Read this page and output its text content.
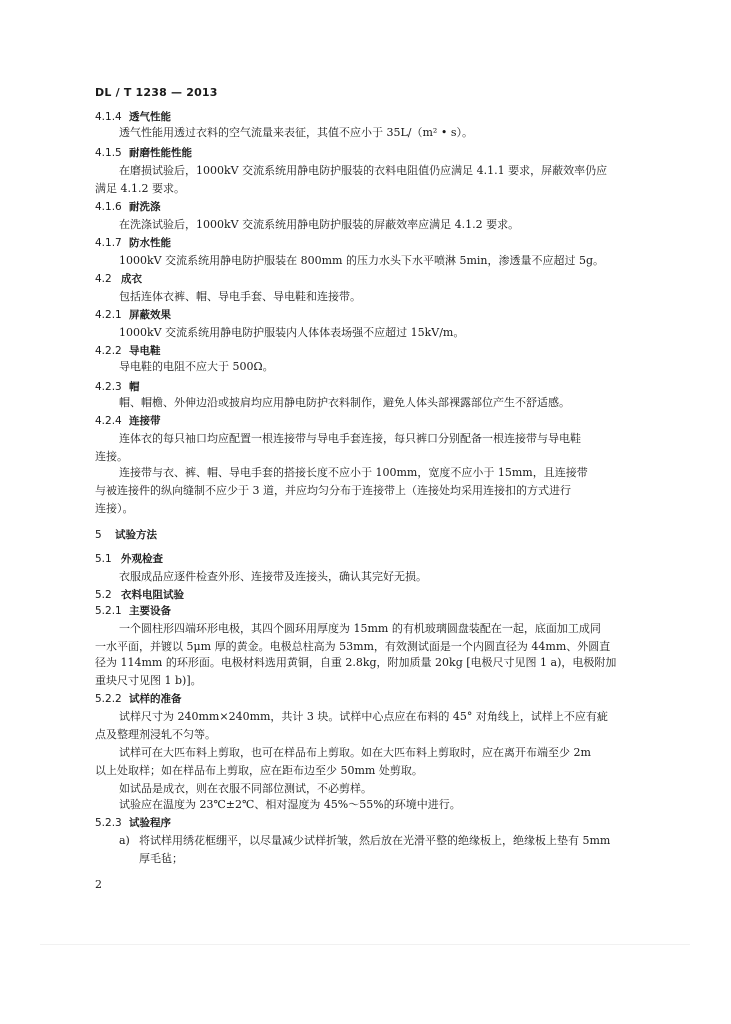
DL / T 1238 — 2013
4.1.4 透气性能
透气性能用透过衣料的空气流量来表征，其值不应小于 35L/（m² • s）。
4.1.5 耐磨性能性能
在磨损试验后，1000kV 交流系统用静电防护服装的衣料电阻值仍应满足 4.1.1 要求，屏蔽效率仍应
满足 4.1.2 要求。
4.1.6 耐洗涤
在洗涤试验后，1000kV 交流系统用静电防护服装的屏蔽效率应满足 4.1.2 要求。
4.1.7 防水性能
1000kV 交流系统用静电防护服装在 800mm 的压力水头下水平喷淋 5min，渗透量不应超过 5g。
4.2 成衣
包括连体衣裤、帽、导电手套、导电鞋和连接带。
4.2.1 屏蔽效果
1000kV 交流系统用静电防护服装内人体体表场强不应超过 15kV/m。
4.2.2 导电鞋
导电鞋的电阻不应大于 500Ω。
4.2.3 帽
帽、帽檐、外伸边沿或披肩均应用静电防护衣料制作，避免人体头部裸露部位产生不舒适感。
4.2.4 连接带
连体衣的每只袖口均应配置一根连接带与导电手套连接，每只裤口分别配备一根连接带与导电鞋
连接。
连接带与衣、裤、帽、导电手套的搭接长度不应小于 100mm，宽度不应小于 15mm，且连接带
与被连接件的纵向缝制不应少于 3 道，并应均匀分布于连接带上（连接处均采用连接扣的方式进行
连接）。
5 试验方法
5.1 外观检查
衣服成品应逐件检查外形、连接带及连接头，确认其完好无损。
5.2 衣料电阻试验
5.2.1 主要设备
一个圆柱形四端环形电极，其四个圆环用厚度为 15mm 的有机玻璃圆盘装配在一起，底面加工成同
一水平面，并镀以 5μm 厚的黄金。电极总柱高为 53mm，有效测试面是一个内圆直径为 44mm、外圆直
径为 114mm 的环形面。电极材料选用黄铜，自重 2.8kg，附加质量 20kg [电极尺寸见图 1 a)，电极附加
重块尺寸见图 1 b)]。
5.2.2 试样的准备
试样尺寸为 240mm×240mm，共计 3 块。试样中心点应在布料的 45° 对角线上，试样上不应有疵
点及整理剂浸轧不匀等。
试样可在大匹布料上剪取，也可在样品布上剪取。如在大匹布料上剪取时，应在离开布端至少 2m
以上处取样；如在样品布上剪取，应在距布边至少 50mm 处剪取。
如试品是成衣，则在衣服不同部位测试，不必剪样。
试验应在温度为 23℃±2℃、相对湿度为 45%～55%的环境中进行。
5.2.3 试验程序
a) 将试样用绣花框绷平，以尽量减少试样折皱，然后放在光滑平整的绝缘板上，绝缘板上垫有 5mm
厚毛毡；
2
